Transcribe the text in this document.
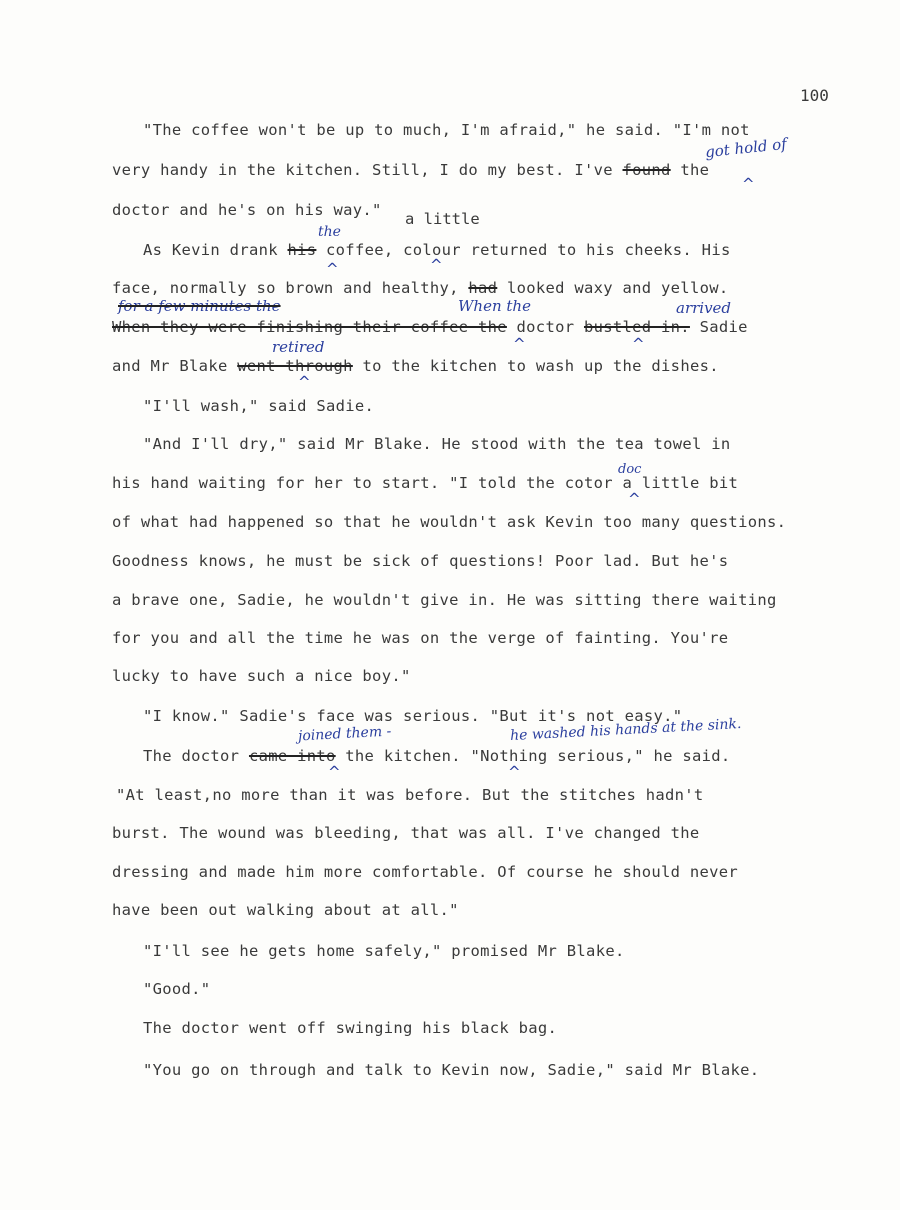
100
"The coffee won't be up to much, I'm afraid," he said. "I'm not
very handy in the kitchen. Still, I do my best. I've found the
got hold of
^
doctor and he's on his way." a little
As Kevin drank his coffee, colour returned to his cheeks. His
the
^	^
face, normally so brown and healthy, had looked waxy and yellow.
for a few minutes the	When the	arrived
When they were finishing their coffee the doctor bustled in. Sadie
^	^
retired
and Mr Blake went through to the kitchen to wash up the dishes.
^
"I'll wash," said Sadie.
"And I'll dry," said Mr Blake. He stood with the tea towel in
doc
his hand waiting for her to start. "I told the cotor a little bit
^
of what had happened so that he wouldn't ask Kevin too many questions.
Goodness knows, he must be sick of questions! Poor lad. But he's
a brave one, Sadie, he wouldn't give in. He was sitting there waiting
for you and all the time he was on the verge of fainting. You're
lucky to have such a nice boy."
"I know." Sadie's face was serious. "But it's not easy."
joined them -	he washed his hands at the sink.
The doctor came into the kitchen. "Nothing serious," he said.
^	^
"At least,no more than it was before. But the stitches hadn't
burst. The wound was bleeding, that was all. I've changed the
dressing and made him more comfortable. Of course he should never
have been out walking about at all."
"I'll see he gets home safely," promised Mr Blake.
"Good."
The doctor went off swinging his black bag.
"You go on through and talk to Kevin now, Sadie," said Mr Blake.
